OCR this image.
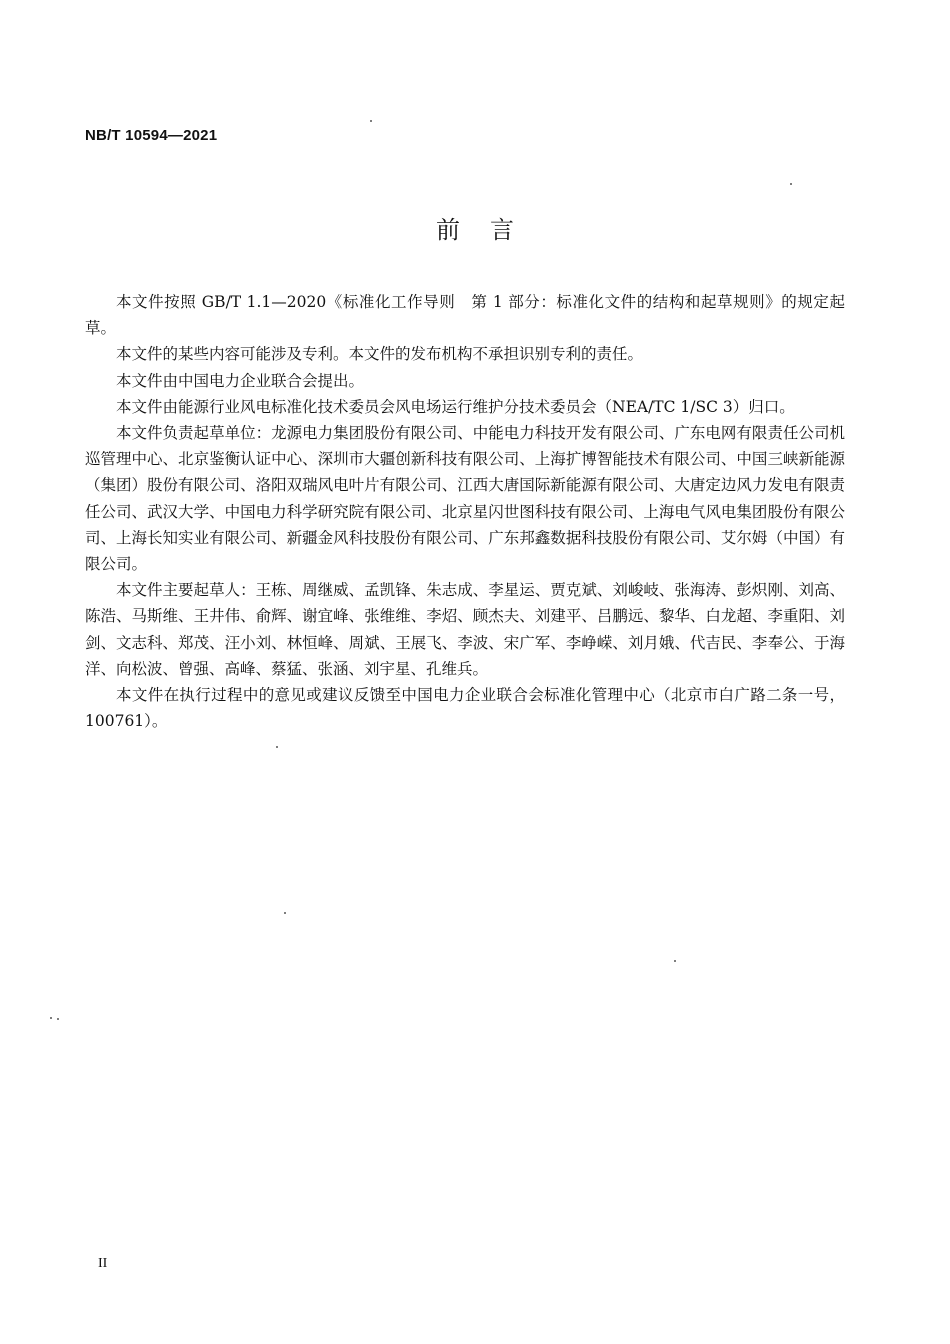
NB/T 10594—2021
前言

本文件按照 GB/T 1.1—2020《标准化工作导则　第 1 部分：标准化文件的结构和起草规则》的规定起草。

本文件的某些内容可能涉及专利。本文件的发布机构不承担识别专利的责任。

本文件由中国电力企业联合会提出。

本文件由能源行业风电标准化技术委员会风电场运行维护分技术委员会（NEA/TC 1/SC 3）归口。

本文件负责起草单位：龙源电力集团股份有限公司、中能电力科技开发有限公司、广东电网有限责任公司机巡管理中心、北京鉴衡认证中心、深圳市大疆创新科技有限公司、上海扩博智能技术有限公司、中国三峡新能源（集团）股份有限公司、洛阳双瑞风电叶片有限公司、江西大唐国际新能源有限公司、大唐定边风力发电有限责任公司、武汉大学、中国电力科学研究院有限公司、北京星闪世图科技有限公司、上海电气风电集团股份有限公司、上海长知实业有限公司、新疆金风科技股份有限公司、广东邦鑫数据科技股份有限公司、艾尔姆（中国）有限公司。

本文件主要起草人：王栋、周继威、孟凯锋、朱志成、李星运、贾克斌、刘峻岐、张海涛、彭炽刚、刘高、陈浩、马斯维、王井伟、俞辉、谢宜峰、张维维、李炤、顾杰夫、刘建平、吕鹏远、黎华、白龙超、李重阳、刘剑、文志科、郑茂、汪小刘、林恒峰、周斌、王展飞、李波、宋广军、李峥嵘、刘月娥、代吉民、李奉公、于海洋、向松波、曾强、高峰、蔡猛、张涵、刘宇星、孔维兵。

本文件在执行过程中的意见或建议反馈至中国电力企业联合会标准化管理中心（北京市白广路二条一号，100761）。

II
